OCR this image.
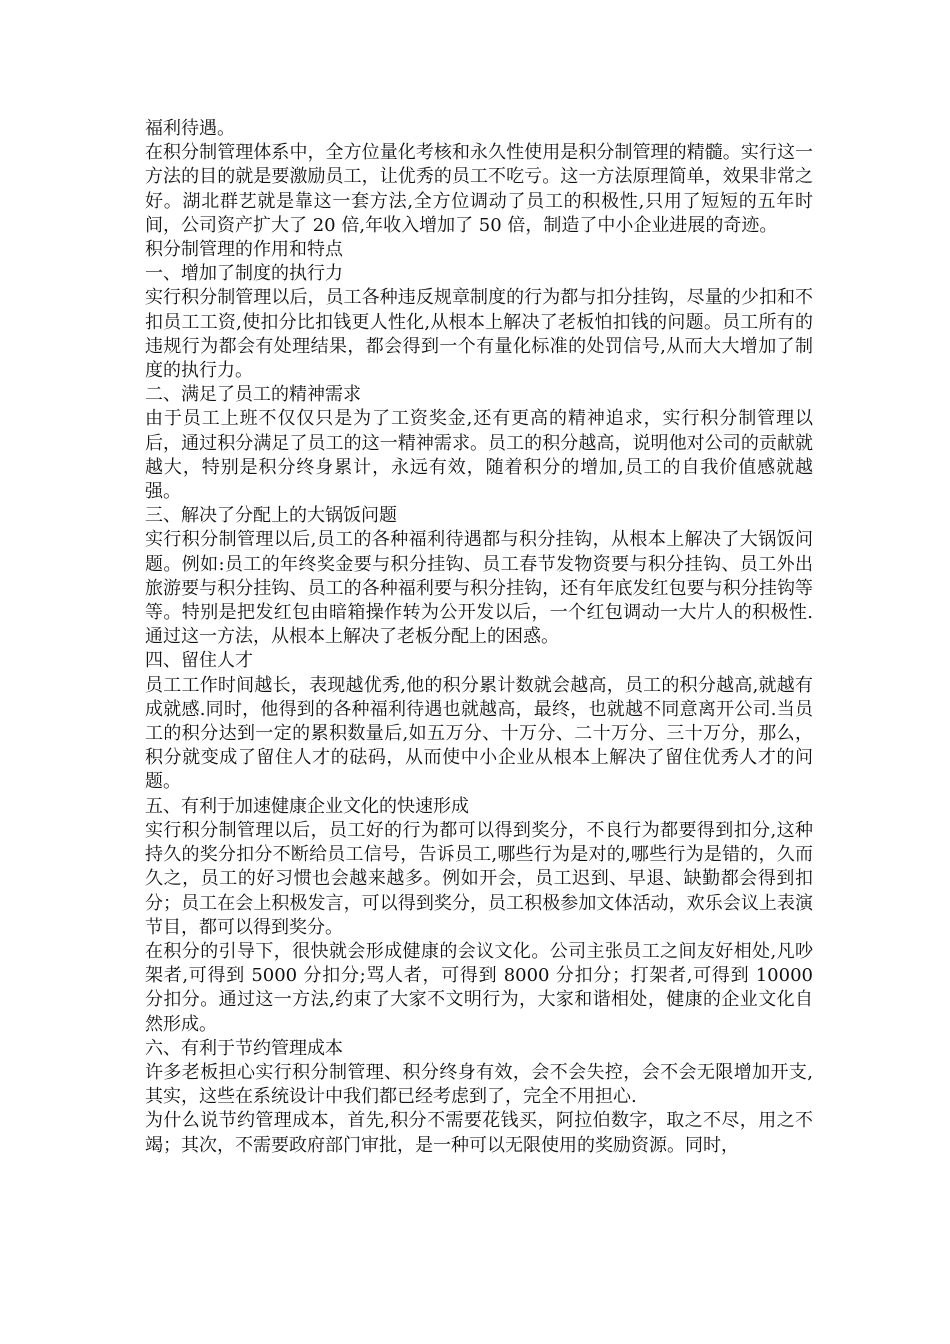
福利待遇。

在积分制管理体系中，全方位量化考核和永久性使用是积分制管理的精髓。实行这一方法的目的就是要激励员工，让优秀的员工不吃亏。这一方法原理简单，效果非常之好。湖北群艺就是靠这一套方法,全方位调动了员工的积极性,只用了短短的五年时间，公司资产扩大了 20 倍,年收入增加了 50 倍，制造了中小企业进展的奇迹。

积分制管理的作用和特点

一、增加了制度的执行力

实行积分制管理以后，员工各种违反规章制度的行为都与扣分挂钩，尽量的少扣和不扣员工工资,使扣分比扣钱更人性化,从根本上解决了老板怕扣钱的问题。员工所有的违规行为都会有处理结果，都会得到一个有量化标准的处罚信号,从而大大增加了制度的执行力。

二、满足了员工的精神需求

由于员工上班不仅仅只是为了工资奖金,还有更高的精神追求，实行积分制管理以后，通过积分满足了员工的这一精神需求。员工的积分越高，说明他对公司的贡献就越大，特别是积分终身累计，永远有效，随着积分的增加,员工的自我价值感就越强。

三、解决了分配上的大锅饭问题

实行积分制管理以后,员工的各种福利待遇都与积分挂钩，从根本上解决了大锅饭问题。例如:员工的年终奖金要与积分挂钩、员工春节发物资要与积分挂钩、员工外出旅游要与积分挂钩、员工的各种福利要与积分挂钩，还有年底发红包要与积分挂钩等等。特别是把发红包由暗箱操作转为公开发以后，一个红包调动一大片人的积极性.通过这一方法，从根本上解决了老板分配上的困惑。

四、留住人才

员工工作时间越长，表现越优秀,他的积分累计数就会越高，员工的积分越高,就越有成就感.同时，他得到的各种福利待遇也就越高，最终，也就越不同意离开公司.当员工的积分达到一定的累积数量后,如五万分、十万分、二十万分、三十万分，那么，积分就变成了留住人才的砝码，从而使中小企业从根本上解决了留住优秀人才的问题。

五、有利于加速健康企业文化的快速形成

实行积分制管理以后，员工好的行为都可以得到奖分，不良行为都要得到扣分,这种持久的奖分扣分不断给员工信号，告诉员工,哪些行为是对的,哪些行为是错的，久而久之，员工的好习惯也会越来越多。例如开会，员工迟到、早退、缺勤都会得到扣分；员工在会上积极发言，可以得到奖分，员工积极参加文体活动，欢乐会议上表演节目，都可以得到奖分。

在积分的引导下，很快就会形成健康的会议文化。公司主张员工之间友好相处,凡吵架者,可得到 5000 分扣分;骂人者，可得到 8000 分扣分；打架者,可得到 10000 分扣分。通过这一方法,约束了大家不文明行为，大家和谐相处，健康的企业文化自然形成。

六、有利于节约管理成本

许多老板担心实行积分制管理、积分终身有效，会不会失控，会不会无限增加开支,其实，这些在系统设计中我们都已经考虑到了，完全不用担心.

为什么说节约管理成本，首先,积分不需要花钱买，阿拉伯数字，取之不尽，用之不竭；其次，不需要政府部门审批，是一种可以无限使用的奖励资源。同时，
